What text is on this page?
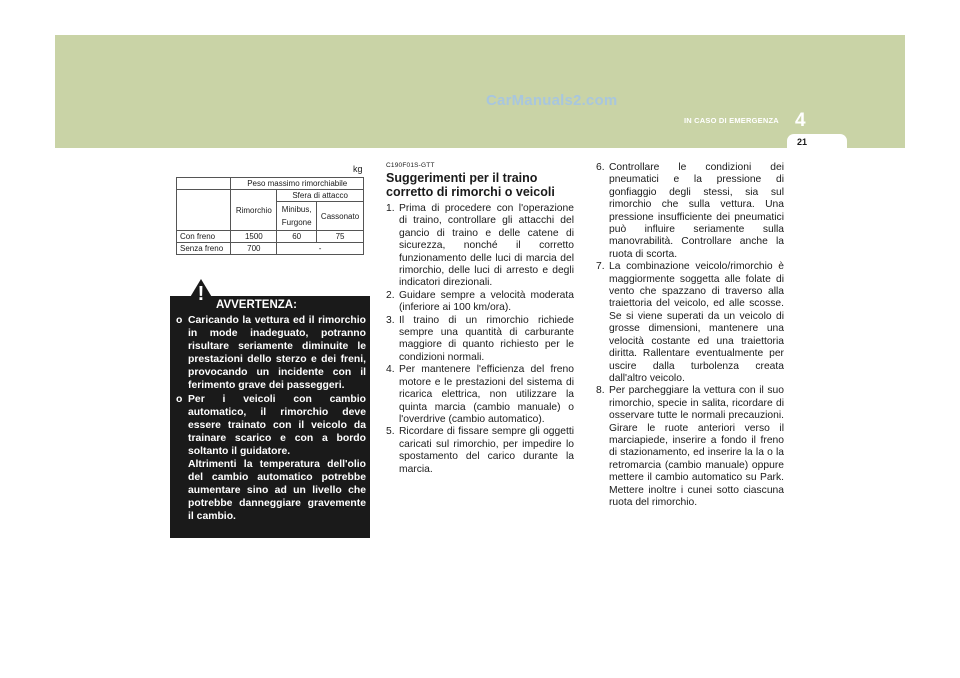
CarManuals2.com
4
IN CASO DI EMERGENZA
21
kg
	Peso massimo rimorchiabile		
	Rimorchio	Sfera di attacco	
		Minibus, Furgone	Cassonato
Con freno	1500	60	75
Senza freno	700	-	
! AVVERTENZA:
o Caricando la vettura ed il rimorchio in mode inadeguato, potranno risultare seriamente diminuite le prestazioni dello sterzo e dei freni, provocando un incidente con il ferimento grave dei passeggeri.
o Per i veicoli con cambio automatico, il rimorchio deve essere trainato con il veicolo da trainare scarico e con a bordo soltanto il guidatore.
Altrimenti la temperatura dell'olio del cambio automatico potrebbe aumentare sino ad un livello che potrebbe danneggiare gravemente il cambio.
C190F01S-GTT
Suggerimenti per il traino corretto di rimorchi o veicoli
1. Prima di procedere con l'operazione di traino, controllare gli attacchi del gancio di traino e delle catene di sicurezza, nonché il corretto funzionamento delle luci di marcia del rimorchio, delle luci di arresto e degli indicatori direzionali.
2. Guidare sempre a velocità moderata (inferiore ai 100 km/ora).
3. Il traino di un rimorchio richiede sempre una quantità di carburante maggiore di quanto richiesto per le condizioni normali.
4. Per mantenere l'efficienza del freno motore e le prestazioni del sistema di ricarica elettrica, non utilizzare la quinta marcia (cambio manuale) o l'overdrive (cambio automatico).
5. Ricordare di fissare sempre gli oggetti caricati sul rimorchio, per impedire lo spostamento del carico durante la marcia.
6. Controllare le condizioni dei pneumatici e la pressione di gonfiaggio degli stessi, sia sul rimorchio che sulla vettura. Una pressione insufficiente dei pneumatici può influire seriamente sulla manovrabilità. Controllare anche la ruota di scorta.
7. La combinazione veicolo/rimorchio è maggiormente soggetta alle folate di vento che spazzano di traverso alla traiettoria del veicolo, ed alle scosse. Se si viene superati da un veicolo di grosse dimensioni, mantenere una velocità costante ed una traiettoria diritta. Rallentare eventualmente per uscire dalla turbolenza creata dall'altro veicolo.
8. Per parcheggiare la vettura con il suo rimorchio, specie in salita, ricordare di osservare tutte le normali precauzioni. Girare le ruote anteriori verso il marciapiede, inserire a fondo il freno di stazionamento, ed inserire la la o la retromarcia (cambio manuale) oppure mettere il cambio automatico su Park. Mettere inoltre i cunei sotto ciascuna ruota del rimorchio.
